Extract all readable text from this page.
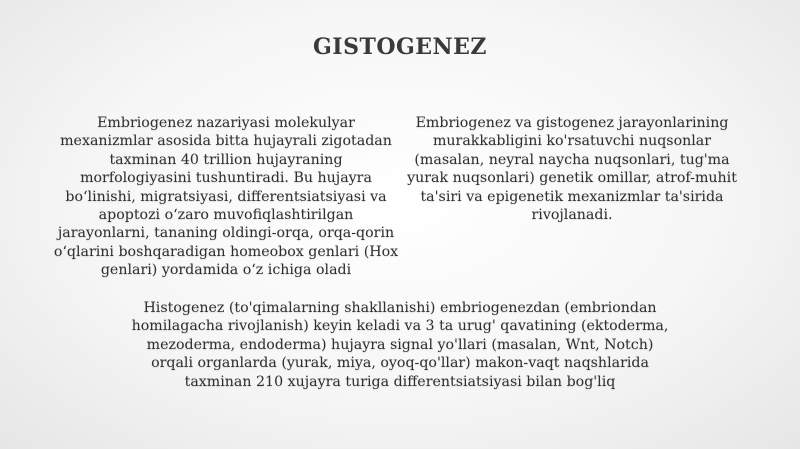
GISTOGENEZ
Embriogenez nazariyasi molekulyar mexanizmlar asosida bitta hujayrali zigotadan taxminan 40 trillion hujayraning morfologiyasini tushuntiradi. Bu hujayra bo‘linishi, migratsiyasi, differentsiatsiyasi va apoptozi o‘zaro muvofiqlashtirilgan jarayonlarni, tananing oldingi-orqa, orqa-qorin o‘qlarini boshqaradigan homeobox genlari (Hox genlari) yordamida o‘z ichiga oladi
Embriogenez va gistogenez jarayonlarining murakkabligini ko'rsatuvchi nuqsonlar (masalan, neyral naycha nuqsonlari, tug'ma yurak nuqsonlari) genetik omillar, atrof-muhit ta'siri va epigenetik mexanizmlar ta'sirida rivojlanadi.
Histogenez (to'qimalarning shakllanishi) embriogenezdan (embriondan homilagacha rivojlanish) keyin keladi va 3 ta urug' qavatining (ektoderma, mezoderma, endoderma) hujayra signal yo'llari (masalan, Wnt, Notch) orqali organlarda (yurak, miya, oyoq-qo'llar) makon-vaqt naqshlarida taxminan 210 xujayra turiga differentsiatsiyasi bilan bog'liq
